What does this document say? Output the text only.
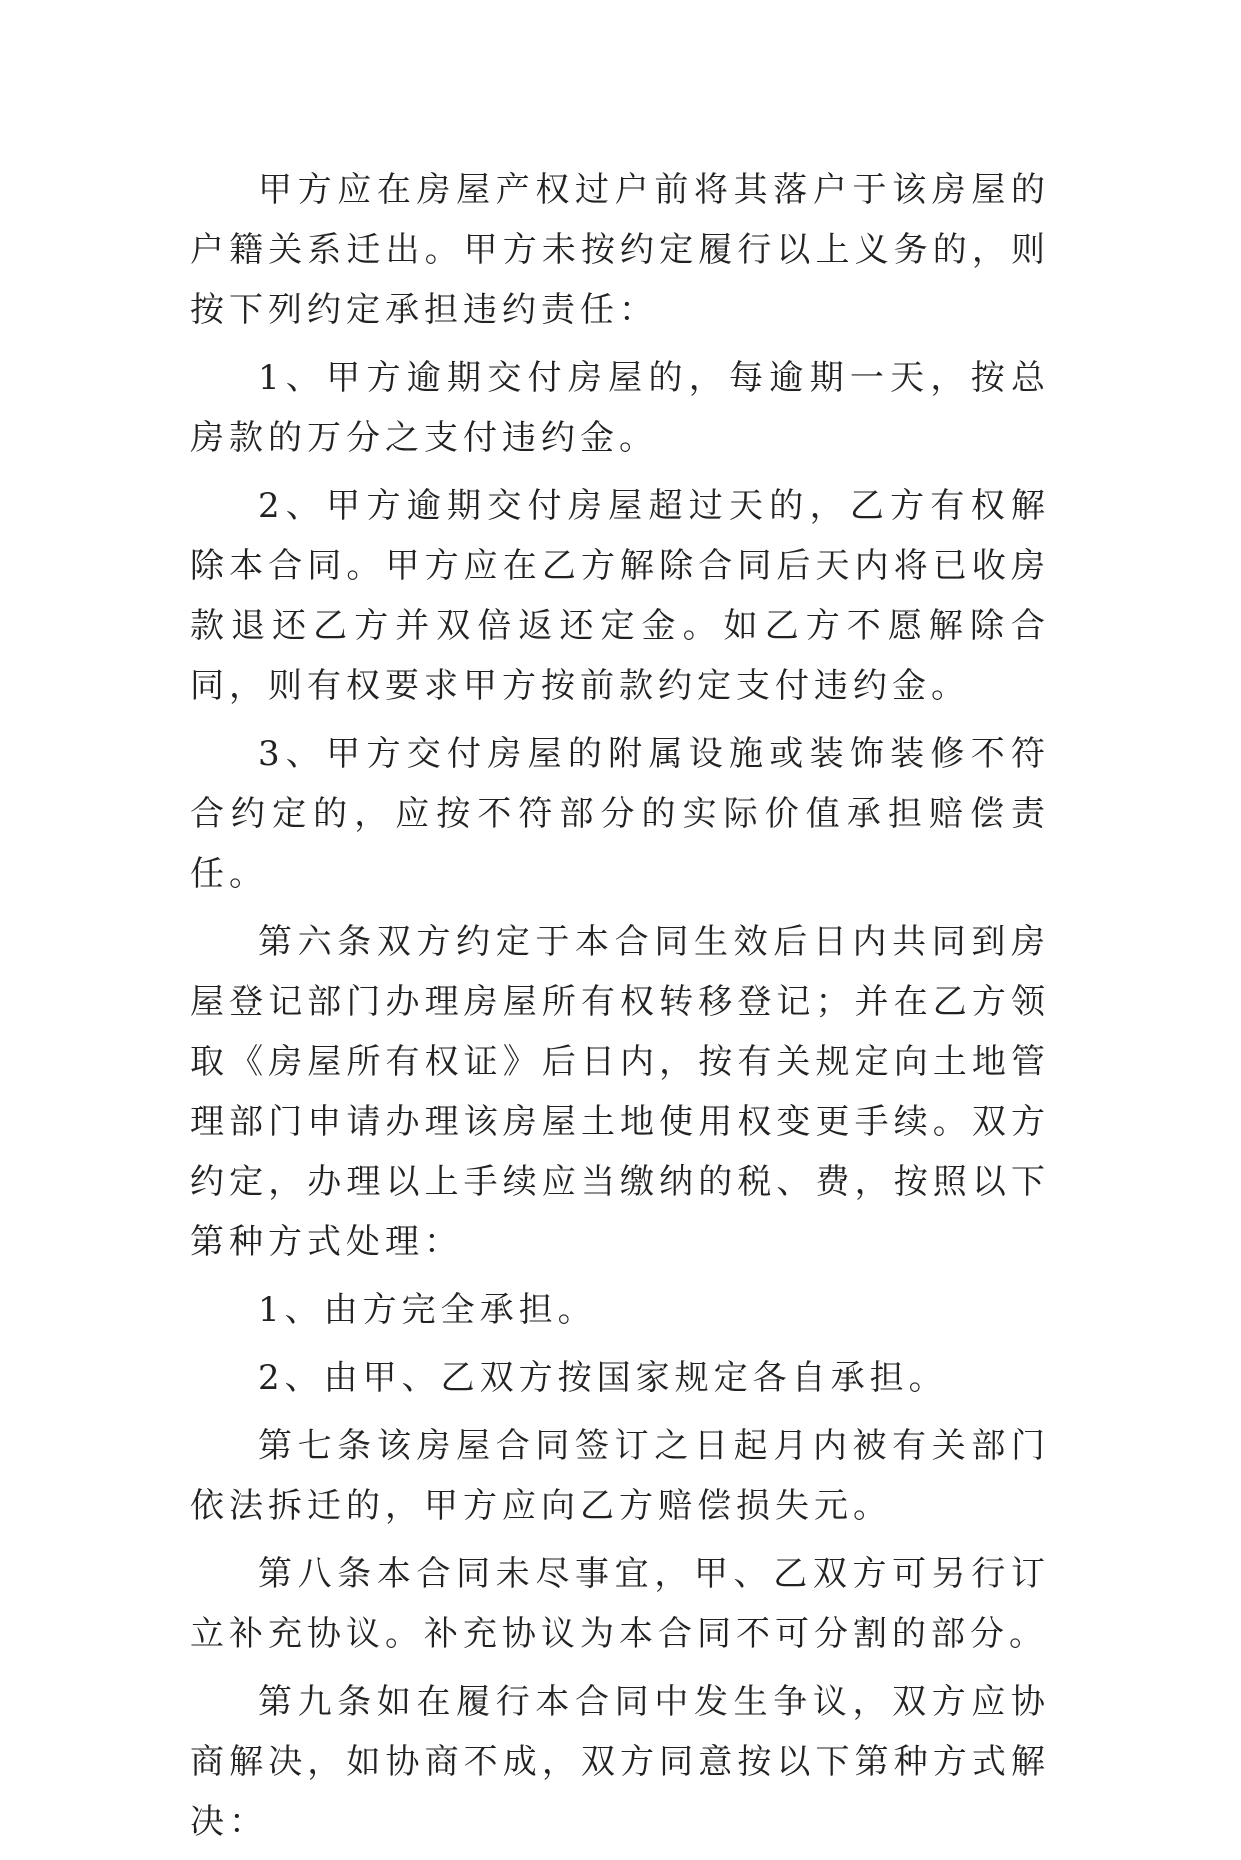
甲方应在房屋产权过户前将其落户于该房屋的户籍关系迁出。甲方未按约定履行以上义务的，则按下列约定承担违约责任：

1、甲方逾期交付房屋的，每逾期一天，按总房款的万分之支付违约金。

2、甲方逾期交付房屋超过天的，乙方有权解除本合同。甲方应在乙方解除合同后天内将已收房款退还乙方并双倍返还定金。如乙方不愿解除合同，则有权要求甲方按前款约定支付违约金。

3、甲方交付房屋的附属设施或装饰装修不符合约定的，应按不符部分的实际价值承担赔偿责任。

第六条双方约定于本合同生效后日内共同到房屋登记部门办理房屋所有权转移登记；并在乙方领取《房屋所有权证》后日内，按有关规定向土地管理部门申请办理该房屋土地使用权变更手续。双方约定，办理以上手续应当缴纳的税、费，按照以下第种方式处理：

1、由方完全承担。

2、由甲、乙双方按国家规定各自承担。

第七条该房屋合同签订之日起月内被有关部门依法拆迁的，甲方应向乙方赔偿损失元。

第八条本合同未尽事宜，甲、乙双方可另行订立补充协议。补充协议为本合同不可分割的部分。

第九条如在履行本合同中发生争议，双方应协商解决，如协商不成，双方同意按以下第种方式解决：
